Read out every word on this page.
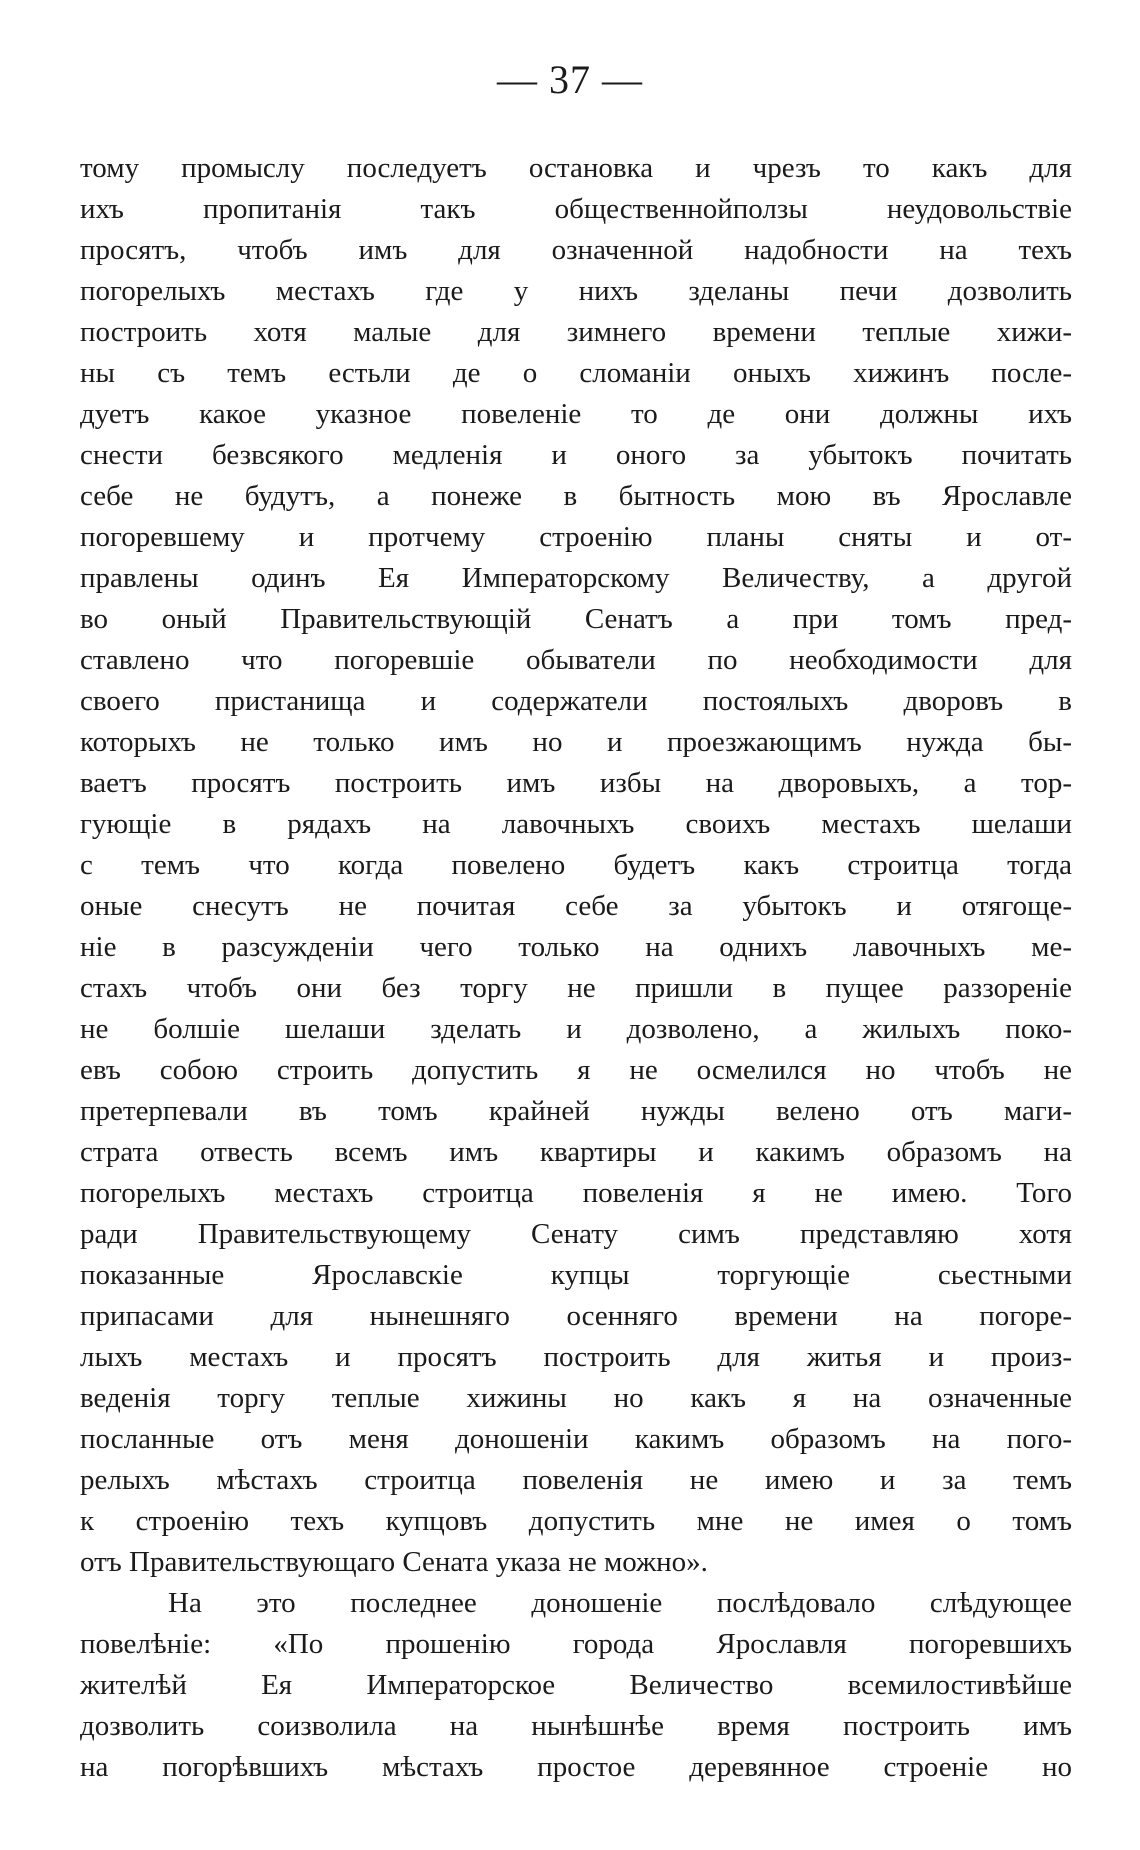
— 37 —
тому промыслу последуетъ остановка и чрезъ то какъ для
ихъ пропитанія такъ общественнойползы неудовольствіе
просятъ, чтобъ имъ для означенной надобности на техъ
погорелыхъ местахъ где у нихъ зделаны печи дозволить
построить хотя малые для зимнего времени теплые хижи-
ны съ темъ естьли де о сломаніи оныхъ хижинъ после-
дуетъ какое указное повеленіе то де они должны ихъ
снести безвсякого медленія и оного за убытокъ почитать
себе не будутъ, а понеже в бытность мою въ Ярославле
погоревшему и протчему строенію планы сняты и от-
правлены одинъ Ея Императорскому Величеству, а другой
во оный Правительствующій Сенатъ а при томъ пред-
ставлено что погоревшіе обыватели по необходимости для
своего пристанища и содержатели постоялыхъ дворовъ в
которыхъ не только имъ но и проезжающимъ нужда бы-
ваетъ просятъ построить имъ избы на дворовыхъ, а тор-
гующіе в рядахъ на лавочныхъ своихъ местахъ шелаши
с темъ что когда повелено будетъ какъ строитца тогда
оные снесутъ не почитая себе за убытокъ и отягоще-
ніе в разсужденіи чего только на однихъ лавочныхъ ме-
стахъ чтобъ они без торгу не пришли в пущее раззореніе
не болшіе шелаши зделать и дозволено, а жилыхъ поко-
евъ собою строить допустить я не осмелился но чтобъ не
претерпевали въ томъ крайней нужды велено отъ маги-
страта отвесть всемъ имъ квартиры и какимъ образомъ на
погорелыхъ местахъ строитца повеленія я не имею. Того
ради Правительствующему Сенату симъ представляю хотя
показанные Ярославскіе купцы торгующіе сьестными
припасами для нынешняго осенняго времени на погоре-
лыхъ местахъ и просятъ построить для житья и произ-
веденія торгу теплые хижины но какъ я на означенные
посланные отъ меня доношеніи какимъ образомъ на пого-
релыхъ мѣстахъ строитца повеленія не имею и за темъ
к строенію техъ купцовъ допустить мне не имея о томъ
отъ Правительствующаго Сената указа не можно».
На это последнее доношеніе послѣдовало слѣдующее
повелѣніе: «По прошенію города Ярославля погоревшихъ
жителѣй Ея Императорское Величество всемилостивѣйше
дозволить соизволила на нынѣшнѣе время построить имъ
на погорѣвшихъ мѣстахъ простое деревянное строеніе но
